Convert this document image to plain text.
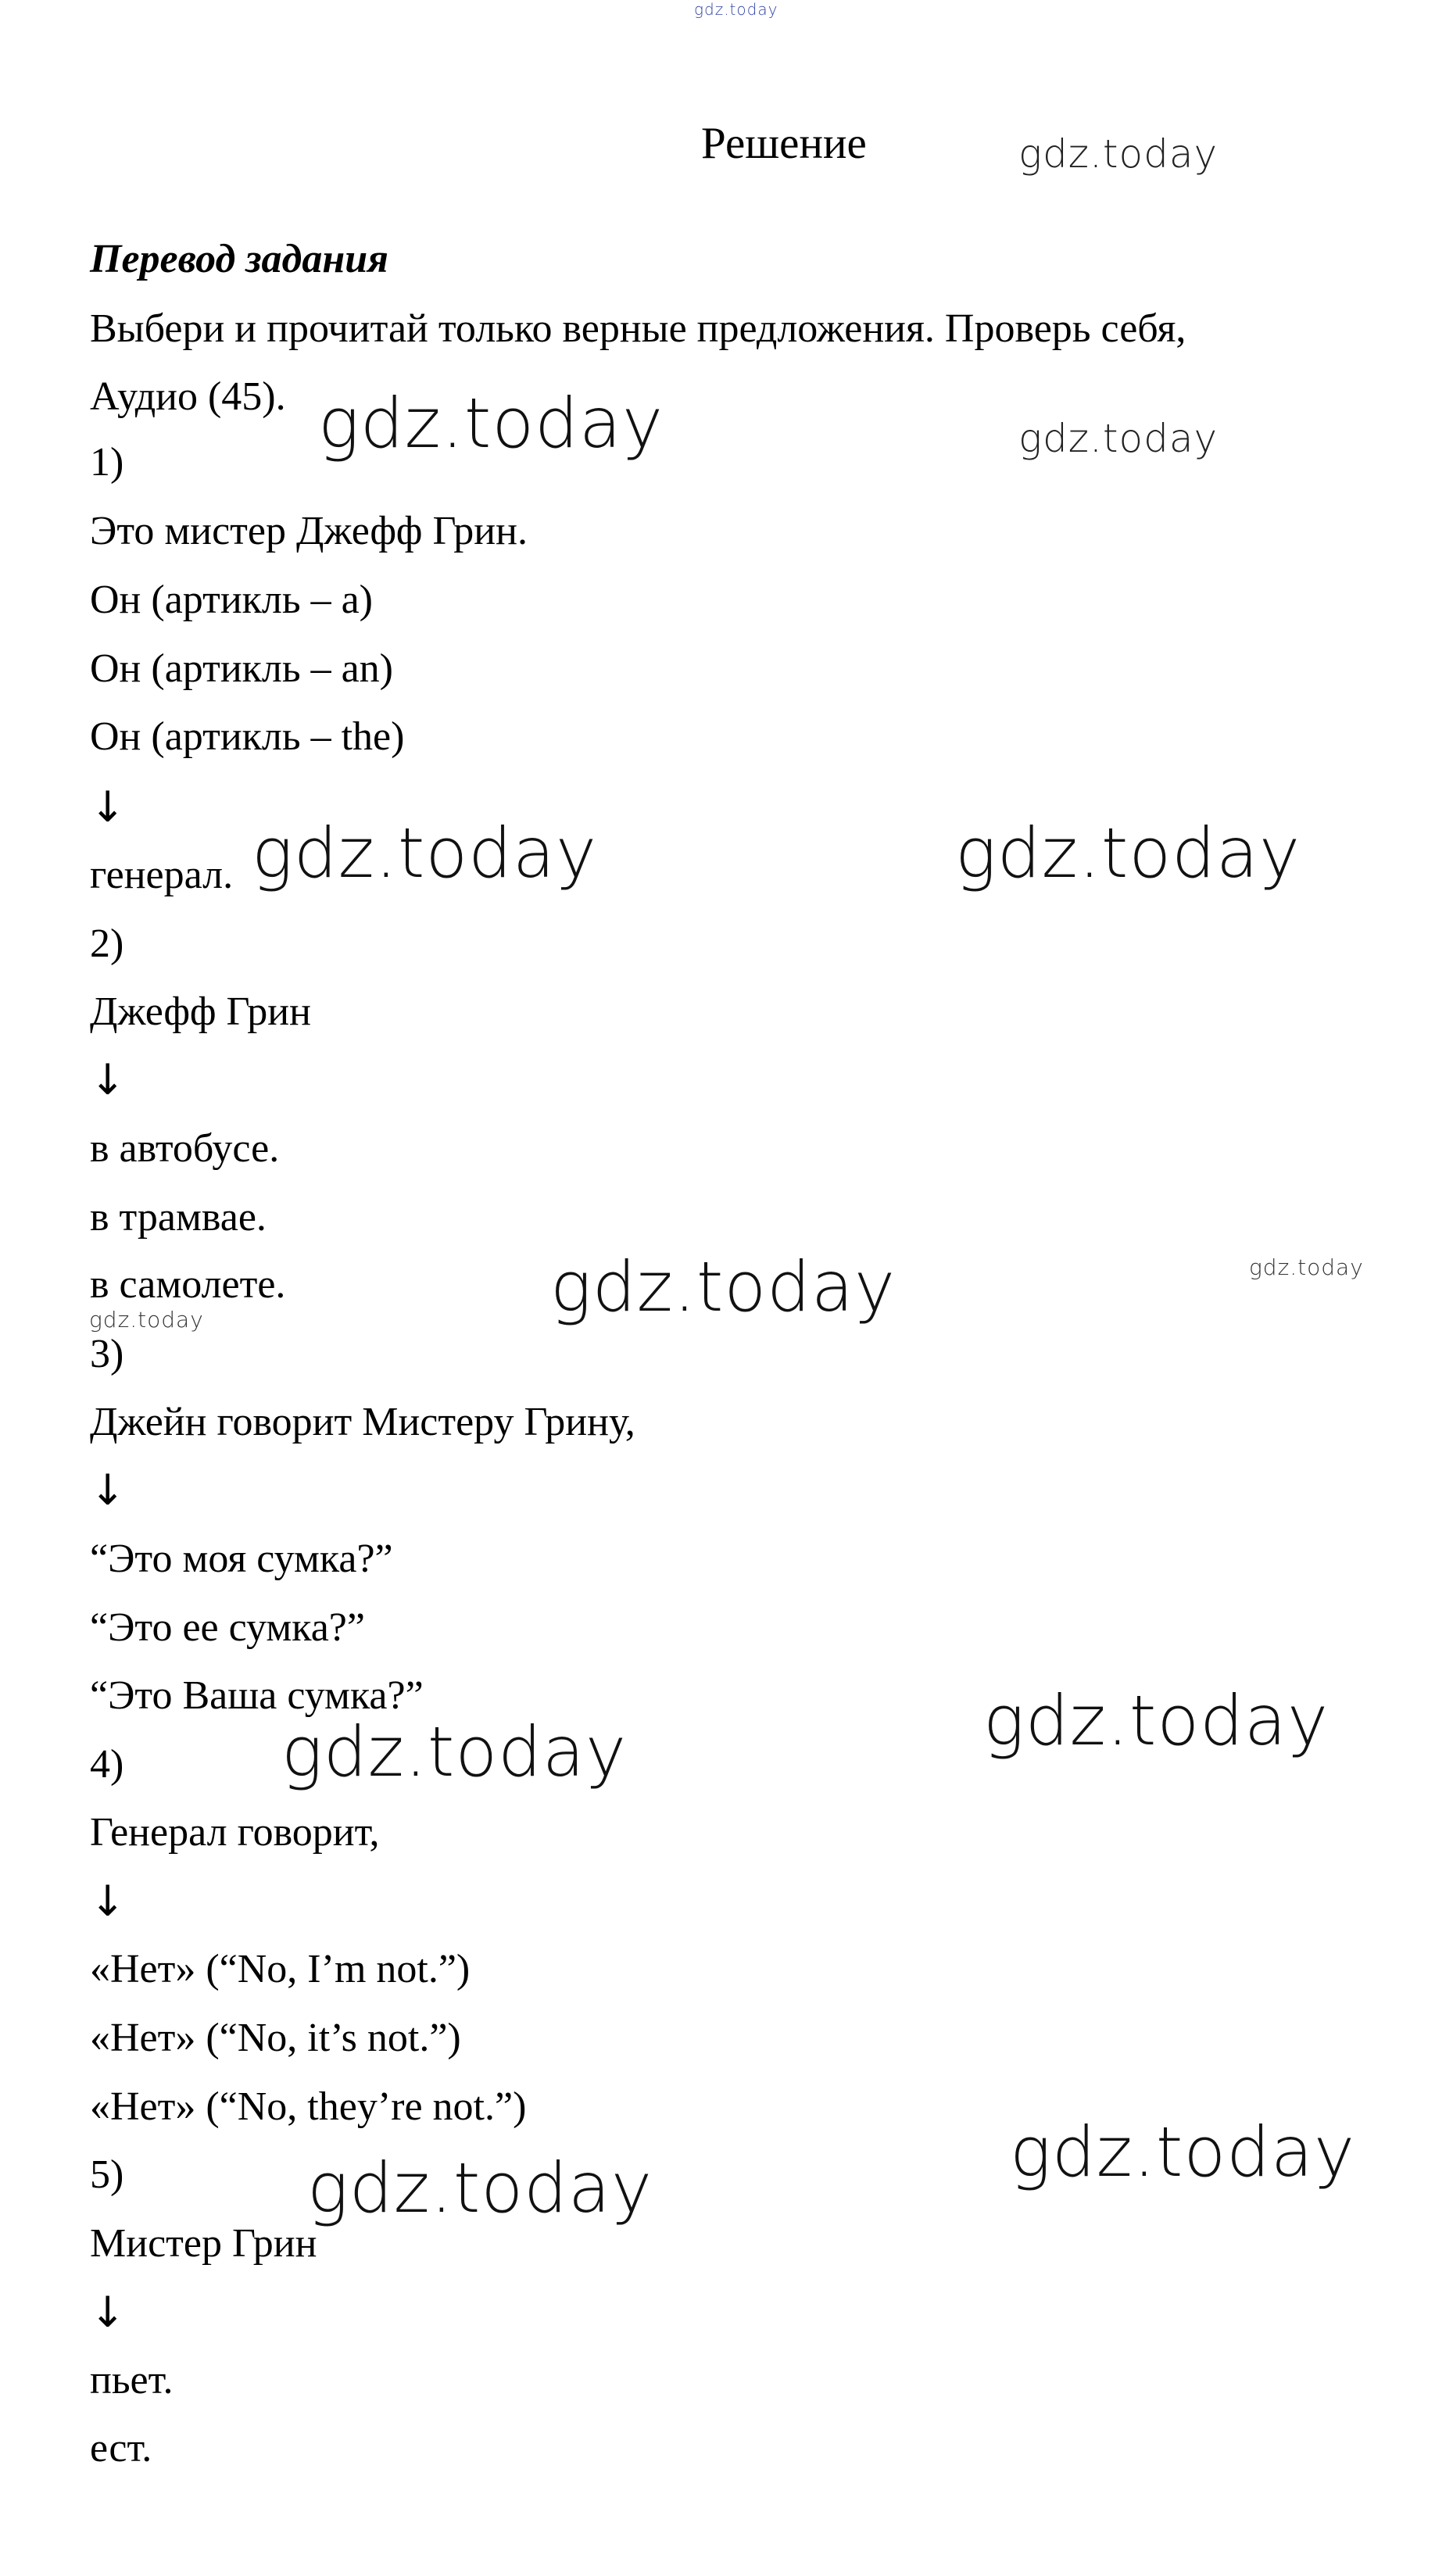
gdz.today
gdz.today
gdz.today	gdz.today
gdz.today	gdz.today
gdz.today	gdz.today
gdz.today
gdz.today
gdz.today
gdz.today
gdz.today
Решение
Перевод задания
Выбери и прочитай только верные предложения. Проверь себя,
Аудио (45).
1)
Это мистер Джефф Грин.
Он (артикль – a)
Он (артикль – an)
Он (артикль – the)
↓
генерал.
2)
Джефф Грин
↓
в автобусе.
в трамвае.
в самолете.
3)
Джейн говорит Мистеру Грину,
↓
“Это моя сумка?”
“Это ее сумка?”
“Это Ваша сумка?”
4)
Генерал говорит,
↓
«Нет» (“No, I’m not.”)
«Нет» (“No, it’s not.”)
«Нет» (“No, they’re not.”)
5)
Мистер Грин
↓
пьет.
ест.
